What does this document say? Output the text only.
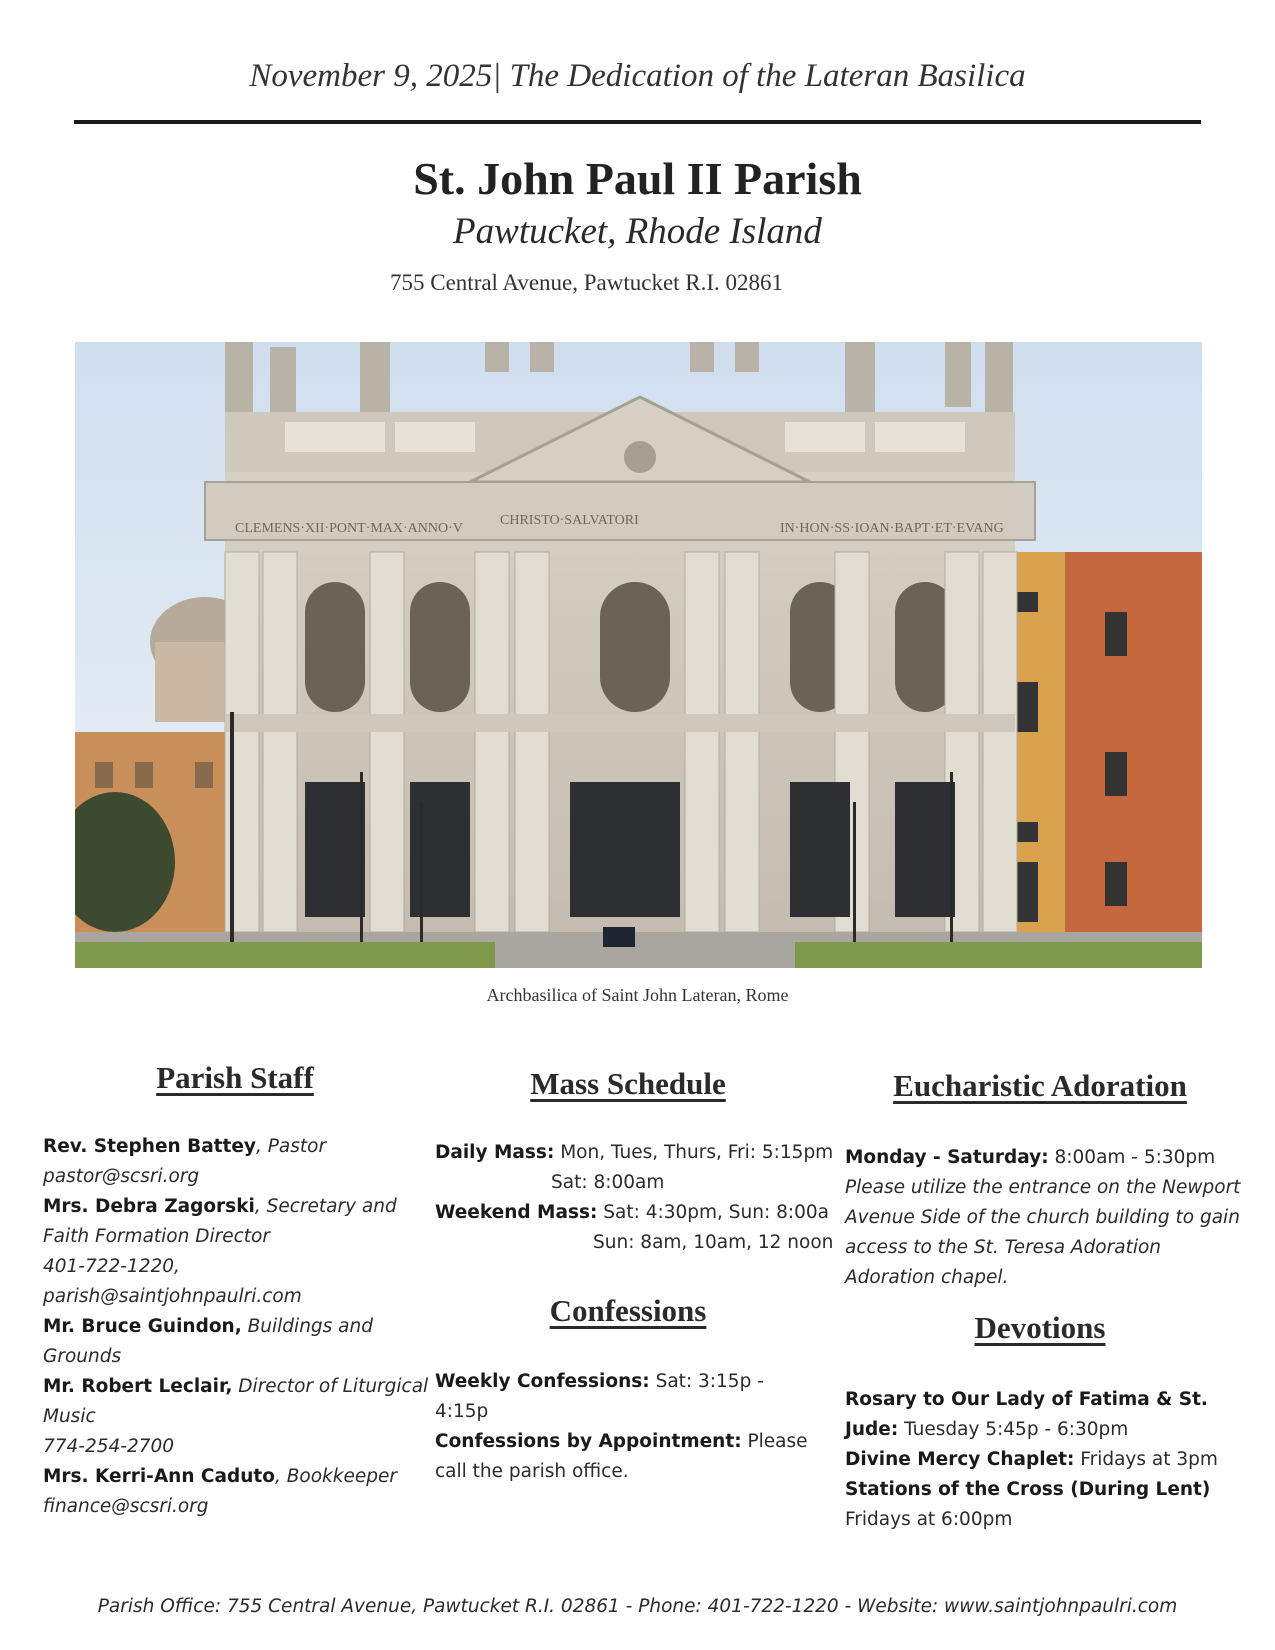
November 9, 2025| The Dedication of the Lateran Basilica
St. John Paul II Parish
Pawtucket, Rhode Island
755 Central Avenue, Pawtucket R.I. 02861
CLEMENS·XII·PONT·MAX·ANNO·V
CHRISTO·SALVATORI
IN·HON·SS·IOAN·BAPT·ET·EVANG
Archbasilica of Saint John Lateran, Rome
Parish Staff

Rev. Stephen Battey, Pastor

pastor@scsri.org

Mrs. Debra Zagorski, Secretary and Faith Formation Director

401-722-1220, parish@saintjohnpaulri.com

Mr. Bruce Guindon, Buildings and Grounds

Mr. Robert Leclair, Director of Liturgical Music

774-254-2700

Mrs. Kerri-Ann Caduto, Bookkeeper

finance@scsri.org

Mass Schedule

Daily Mass: Mon, Tues, Thurs, Fri: 5:15pm

Sat: 8:00am

Weekend Mass: Sat: 4:30pm, Sun: 8:00a

Sun: 8am, 10am, 12 noon

Confessions

Weekly Confessions: Sat: 3:15p - 4:15p

Confessions by Appointment: Please call the parish office.

Eucharistic Adoration

Monday - Saturday: 8:00am - 5:30pm

Please utilize the entrance on the Newport Avenue Side of the church building to gain access to the St. Teresa Adoration Adoration chapel.

Devotions

Rosary to Our Lady of Fatima & St. Jude: Tuesday 5:45p - 6:30pm

Divine Mercy Chaplet: Fridays at 3pm

Stations of the Cross (During Lent)

Fridays at 6:00pm

Parish Office: 755 Central Avenue, Pawtucket R.I. 02861 - Phone: 401-722-1220 - Website: www.saintjohnpaulri.com
